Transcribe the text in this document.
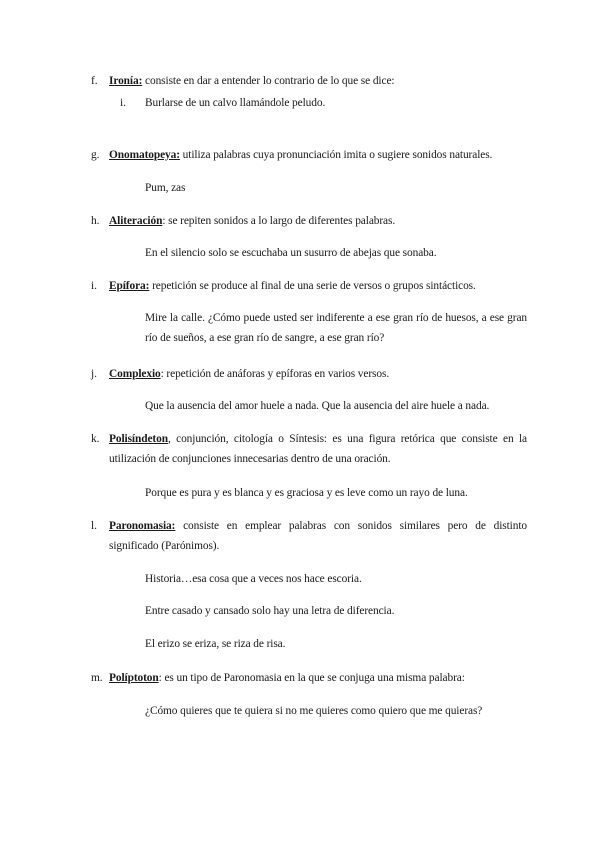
f. Ironía: consiste en dar a entender lo contrario de lo que se dice:
i. Burlarse de un calvo llamándole peludo.
g. Onomatopeya: utiliza palabras cuya pronunciación imita o sugiere sonidos naturales.
Pum, zas
h. Aliteración: se repiten sonidos a lo largo de diferentes palabras.
En el silencio solo se escuchaba un susurro de abejas que sonaba.
i. Epífora: repetición se produce al final de una serie de versos o grupos sintácticos.
Mire la calle. ¿Cómo puede usted ser indiferente a ese gran río de huesos, a ese gran río de sueños, a ese gran río de sangre, a ese gran río?
j. Complexio: repetición de anáforas y epíforas en varios versos.
Que la ausencia del amor huele a nada. Que la ausencia del aire huele a nada.
k. Polisíndeton, conjunción, citología o Síntesis: es una figura retórica que consiste en la utilización de conjunciones innecesarias dentro de una oración.
Porque es pura y es blanca y es graciosa y es leve como un rayo de luna.
l. Paronomasia: consiste en emplear palabras con sonidos similares pero de distinto significado (Parónimos).
Historia…esa cosa que a veces nos hace escoria.
Entre casado y cansado solo hay una letra de diferencia.
El erizo se eriza, se riza de risa.
m. Políptoton: es un tipo de Paronomasia en la que se conjuga una misma palabra:
¿Cómo quieres que te quiera si no me quieres como quiero que me quieras?
